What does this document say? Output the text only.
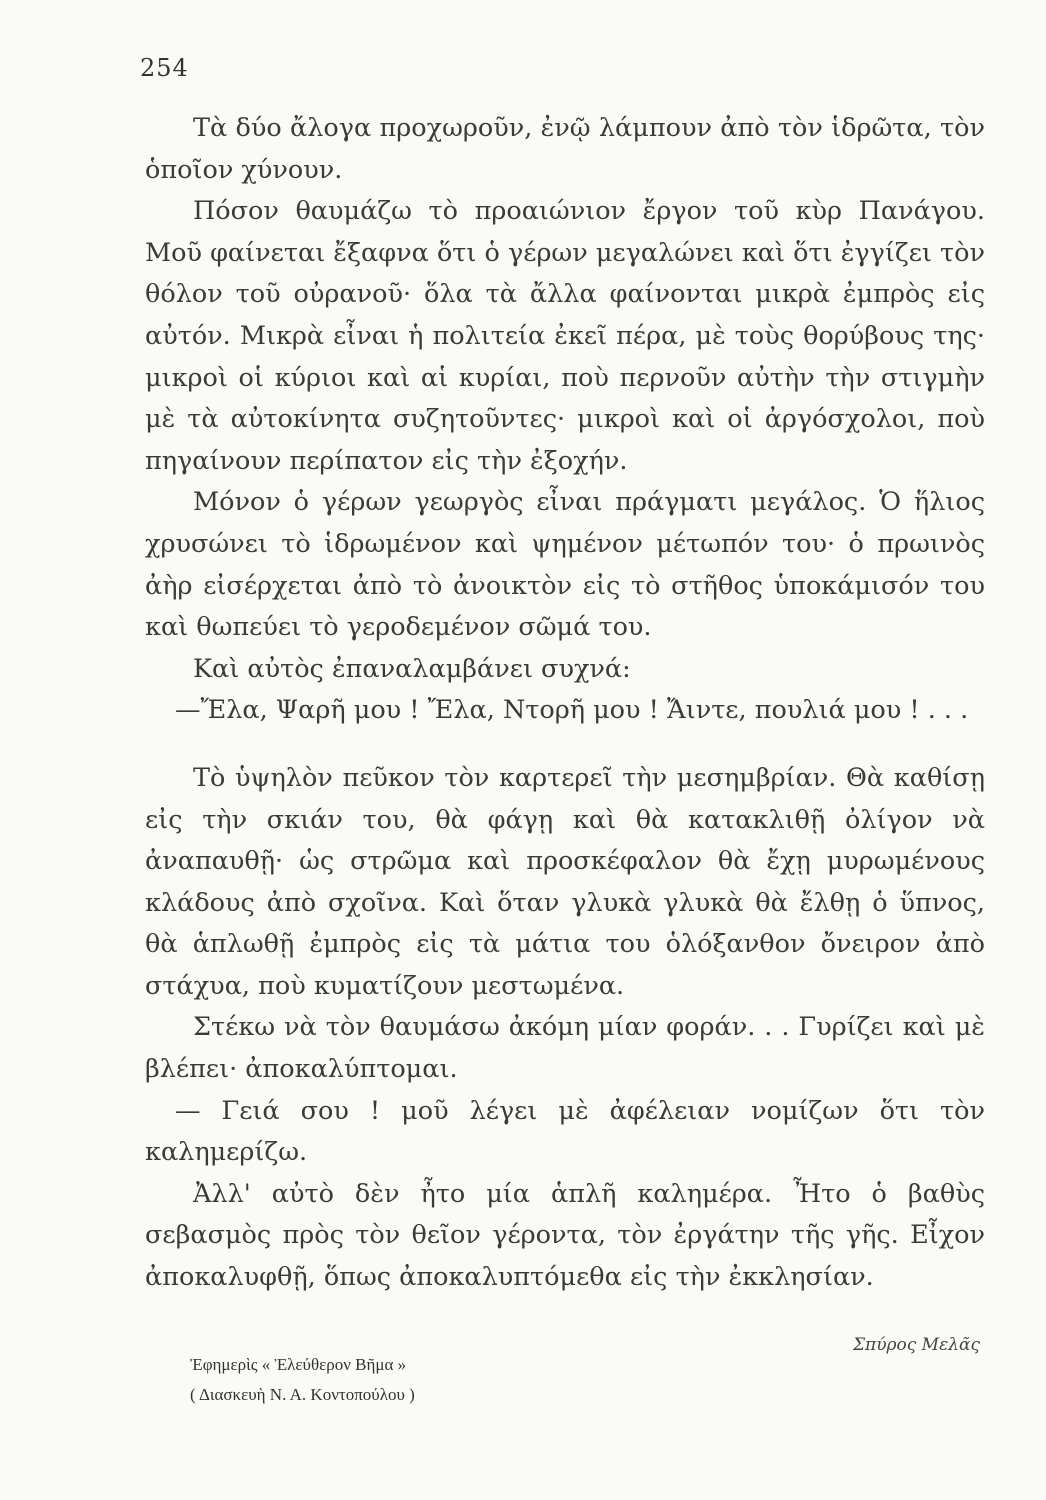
254

Τὰ δύο ἄλογα προχωροῦν, ἐνῷ λάμπουν ἀπὸ τὸν ἱδρῶτα, τὸν ὁποῖον χύνουν.

Πόσον θαυμάζω τὸ προαιώνιον ἔργον τοῦ κὺρ Πανάγου. Μοῦ φαίνεται ἔξαφνα ὅτι ὁ γέρων μεγαλώνει καὶ ὅτι ἐγγίζει τὸν θόλον τοῦ οὐρανοῦ· ὅλα τὰ ἄλλα φαίνονται μικρὰ ἐμπρὸς εἰς αὐτόν. Μικρὰ εἶναι ἡ πολιτεία ἐκεῖ πέρα, μὲ τοὺς θορύβους της· μικροὶ οἱ κύριοι καὶ αἱ κυρίαι, ποὺ περνοῦν αὐτὴν τὴν στιγμὴν μὲ τὰ αὐτοκίνητα συζητοῦντες· μικροὶ καὶ οἱ ἀργόσχολοι, ποὺ πηγαίνουν περίπατον εἰς τὴν ἐξοχήν.

Μόνον ὁ γέρων γεωργὸς εἶναι πράγματι μεγάλος. Ὁ ἥλιος χρυσώνει τὸ ἱδρωμένον καὶ ψημένον μέτωπόν του· ὁ πρωινὸς ἀὴρ εἰσέρχεται ἀπὸ τὸ ἀνοικτὸν εἰς τὸ στῆθος ὑποκάμισόν του καὶ θωπεύει τὸ γεροδεμένον σῶμά του.

Καὶ αὐτὸς ἐπαναλαμβάνει συχνά:

—Ἔλα, Ψαρῆ μου ! Ἔλα, Ντορῆ μου ! Ἄιντε, πουλιά μου ! . . .

Τὸ ὑψηλὸν πεῦκον τὸν καρτερεῖ τὴν μεσημβρίαν. Θὰ καθίσῃ εἰς τὴν σκιάν του, θὰ φάγῃ καὶ θὰ κατακλιθῇ ὀλίγον νὰ ἀναπαυθῇ· ὡς στρῶμα καὶ προσκέφαλον θὰ ἔχῃ μυρωμένους κλάδους ἀπὸ σχοῖνα. Καὶ ὅταν γλυκὰ γλυκὰ θὰ ἔλθῃ ὁ ὕπνος, θὰ ἁπλωθῇ ἐμπρὸς εἰς τὰ μάτια του ὁλόξανθον ὄνειρον ἀπὸ στάχυα, ποὺ κυματίζουν μεστωμένα.

Στέκω νὰ τὸν θαυμάσω ἀκόμη μίαν φοράν. . . Γυρίζει καὶ μὲ βλέπει· ἀποκαλύπτομαι.

— Γειά σου ! μοῦ λέγει μὲ ἀφέλειαν νομίζων ὅτι τὸν καλημερίζω.

Ἀλλ' αὐτὸ δὲν ἦτο μία ἁπλῆ καλημέρα. Ἦτο ὁ βαθὺς σεβασμὸς πρὸς τὸν θεῖον γέροντα, τὸν ἐργάτην τῆς γῆς. Εἶχον ἀποκαλυφθῇ, ὅπως ἀποκαλυπτόμεθα εἰς τὴν ἐκκλησίαν.

Σπύρος Μελᾶς
Ἐφημερὶς « Ἐλεύθερον Βῆμα »
( Διασκευὴ Ν. Α. Κοντοπούλου )
